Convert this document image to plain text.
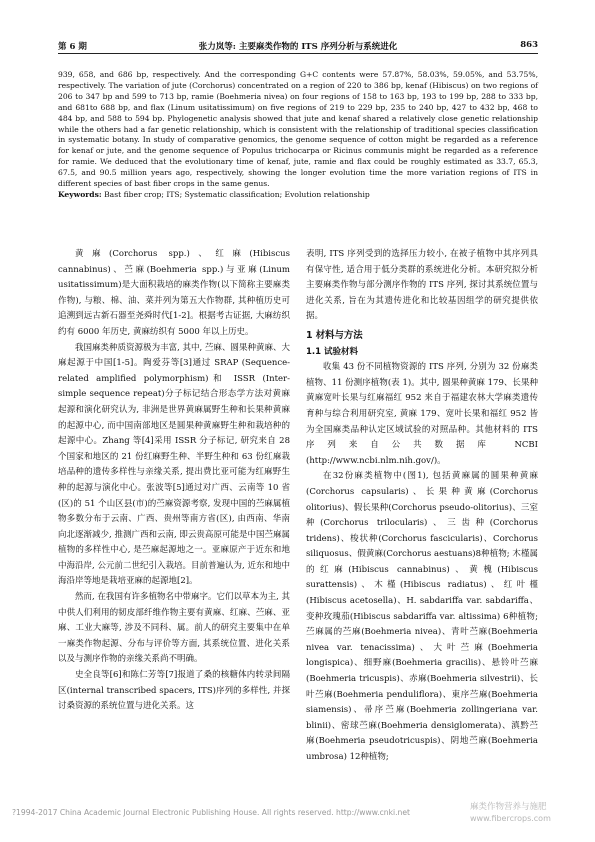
第 6 期	张力岚等: 主要麻类作物的 ITS 序列分析与系统进化	863

939, 658, and 686 bp, respectively. And the corresponding G+C contents were 57.87%, 58.03%, 59.05%, and 53.75%, respectively. The variation of jute (Corchorus) concentrated on a region of 220 to 386 bp, kenaf (Hibiscus) on two regions of 206 to 347 bp and 599 to 713 bp, ramie (Boehmeria nivea) on four regions of 158 to 163 bp, 193 to 199 bp, 288 to 333 bp, and 681to 688 bp, and flax (Linum usitatissimum) on five regions of 219 to 229 bp, 235 to 240 bp, 427 to 432 bp, 468 to 484 bp, and 588 to 594 bp. Phylogenetic analysis showed that jute and kenaf shared a relatively close genetic relationship while the others had a far genetic relationship, which is consistent with the relationship of traditional species classification in systematic botany. In study of comparative genomics, the genome sequence of cotton might be regarded as a reference for kenaf or jute, and the genome sequence of Populus trichocarpa or Ricinus communis might be regarded as a reference for ramie. We deduced that the evolutionary time of kenaf, jute, ramie and flax could be roughly estimated as 33.7, 65.3, 67.5, and 90.5 million years ago, respectively, showing the longer evolution time the more variation regions of ITS in different species of bast fiber crops in the same genus.

Keywords: Bast fiber crop; ITS; Systematic classification; Evolution relationship

黄麻(Corchorus spp.)、红麻(Hibiscus cannabinus)、苎麻(Boehmeria spp.)与亚麻(Linum usitatissimum)是大面积栽培的麻类作物(以下简称主要麻类作物), 与粮、棉、油、菜并列为第五大作物群, 其种植历史可追溯到远古新石器至尧舜时代[1-2]。根据考古证据, 大麻纺织约有 6000 年历史, 黄麻纺织有 5000 年以上历史。

我国麻类种质资源极为丰富, 其中, 苎麻、圆果种黄麻、大麻起源于中国[1-5]。陶爱芬等[3]通过 SRAP (Sequence-related amplified polymorphism)和 ISSR (Inter-simple sequence repeat)分子标记结合形态学方法对黄麻起源和演化研究认为, 非洲是世界黄麻属野生种和长果种黄麻的起源中心, 而中国南部地区是圆果种黄麻野生种和栽培种的起源中心。Zhang 等[4]采用 ISSR 分子标记, 研究来自 28 个国家和地区的 21 份红麻野生种、半野生种和 63 份红麻栽培品种的遗传多样性与亲缘关系, 提出费比亚可能为红麻野生种的起源与演化中心。张波等[5]通过对广西、云南等 10 省(区)的 51 个山区县(市)的苎麻资源考察, 发现中国的苎麻属植物多数分布于云南、广西、贵州等南方省(区), 由西南、华南向北逐渐减少, 推测广西和云南, 即云贵高原可能是中国苎麻属植物的多样性中心, 是苎麻起源地之一。亚麻原产于近东和地中海沿岸, 公元前二世纪引入栽培。目前普遍认为, 近东和地中海沿岸等地是栽培亚麻的起源地[2]。

然而, 在我国有许多植物名中带麻字。它们以草本为主, 其中供人们利用的韧皮部纤维作物主要有黄麻、红麻、苎麻、亚麻、工业大麻等, 涉及不同科、属。前人的研究主要集中在单一麻类作物起源、分布与评价等方面, 其系统位置、进化关系以及与测序作物的亲缘关系尚不明确。

史全良等[6]和陈仁芳等[7]报道了桑的核糖体内转录间隔区(internal transcribed spacers, ITS)序列的多样性, 并探讨桑资源的系统位置与进化关系。这

表明, ITS 序列受到的选择压力较小, 在被子植物中其序列具有保守性, 适合用于低分类群的系统进化分析。本研究拟分析主要麻类作物与部分测序作物的 ITS 序列, 探讨其系统位置与进化关系, 旨在为其遗传进化和比较基因组学的研究提供依据。

1 材料与方法
1.1 试验材料

收集 43 份不同植物资源的 ITS 序列, 分别为 32 份麻类植物、11 份测序植物(表 1)。其中, 圆果种黄麻 179、长果种黄麻宽叶长果与红麻福红 952 来自于福建农林大学麻类遗传育种与综合利用研究室, 黄麻 179、宽叶长果和福红 952 皆为全国麻类品种认定区域试验的对照品种。其他材料的 ITS 序列来自公共数据库 NCBI (http://www.ncbi.nlm.nih.gov/)。

在32份麻类植物中(图1), 包括黄麻属的圆果种黄麻(Corchorus capsularis)、长果种黄麻(Corchorus olitorius)、假长果种(Corchorus pseudo-olitorius)、三室种(Corchorus trilocularis)、三齿种(Corchorus tridens)、梭状种(Corchorus fascicularis)、Corchorus siliquosus、假黄麻(Corchorus aestuans)8种植物; 木槿属的红麻(Hibiscus cannabinus)、黄槐(Hibiscus surattensis)、木槿(Hibiscus radiatus)、红叶槿(Hibiscus acetosella)、H. sabdariffa var. sabdariffa、变种玫瑰茄(Hibiscus sabdariffa var. altissima) 6种植物; 苎麻属的苎麻(Boehmeria nivea)、青叶苎麻(Boehmeria nivea var. tenacissima)、大叶苎麻(Boehmeria longispica)、细野麻(Boehmeria gracilis)、悬铃叶苎麻(Boehmeria tricuspis)、赤麻(Boehmeria silvestrii)、长叶苎麻(Boehmeria penduliflora)、東序苎麻(Boehmeria siamensis)、帚序苎麻(Boehmeria zollingeriana var. blinii)、密球苎麻(Boehmeria densiglomerata)、滇黔苎麻(Boehmeria pseudotricuspis)、阴地苎麻(Boehmeria umbrosa) 12种植物;

?1994-2017 China Academic Journal Electronic Publishing House. All rights reserved. http://www.cnki.net
麻类作物营养与施肥
www.fibercrops.com
